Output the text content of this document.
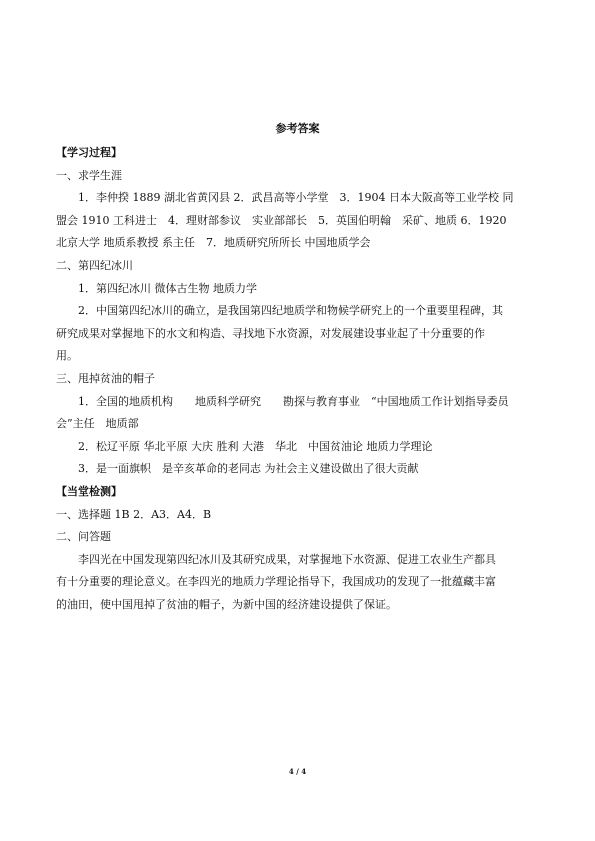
参考答案
【学习过程】
一、求学生涯
1．李仲揆 1889 湖北省黄冈县 2．武昌高等小学堂　3．1904 日本大阪高等工业学校 同
盟会 1910 工科进士　4．理财部参议　实业部部长　5．英国伯明翰　采矿、地质 6．1920
北京大学 地质系教授 系主任　7．地质研究所所长 中国地质学会
二、第四纪冰川
1．第四纪冰川 微体古生物 地质力学
2．中国第四纪冰川的确立，是我国第四纪地质学和物候学研究上的一个重要里程碑，其
研究成果对掌握地下的水文和构造、寻找地下水资源，对发展建设事业起了十分重要的作
用。
三、甩掉贫油的帽子
1．全国的地质机构　　地质科学研究　　勘探与教育事业　“中国地质工作计划指导委员
会”主任　地质部
2．松辽平原 华北平原 大庆 胜利 大港　华北　中国贫油论 地质力学理论
3．是一面旗帜　是辛亥革命的老同志 为社会主义建设做出了很大贡献
【当堂检测】
一、选择题 1B 2．A3．A4．B
二、问答题
李四光在中国发现第四纪冰川及其研究成果，对掌握地下水资源、促进工农业生产都具
有十分重要的理论意义。在李四光的地质力学理论指导下，我国成功的发现了一批蕴藏丰富
的油田，使中国甩掉了贫油的帽子，为新中国的经济建设提供了保证。
4 / 4
